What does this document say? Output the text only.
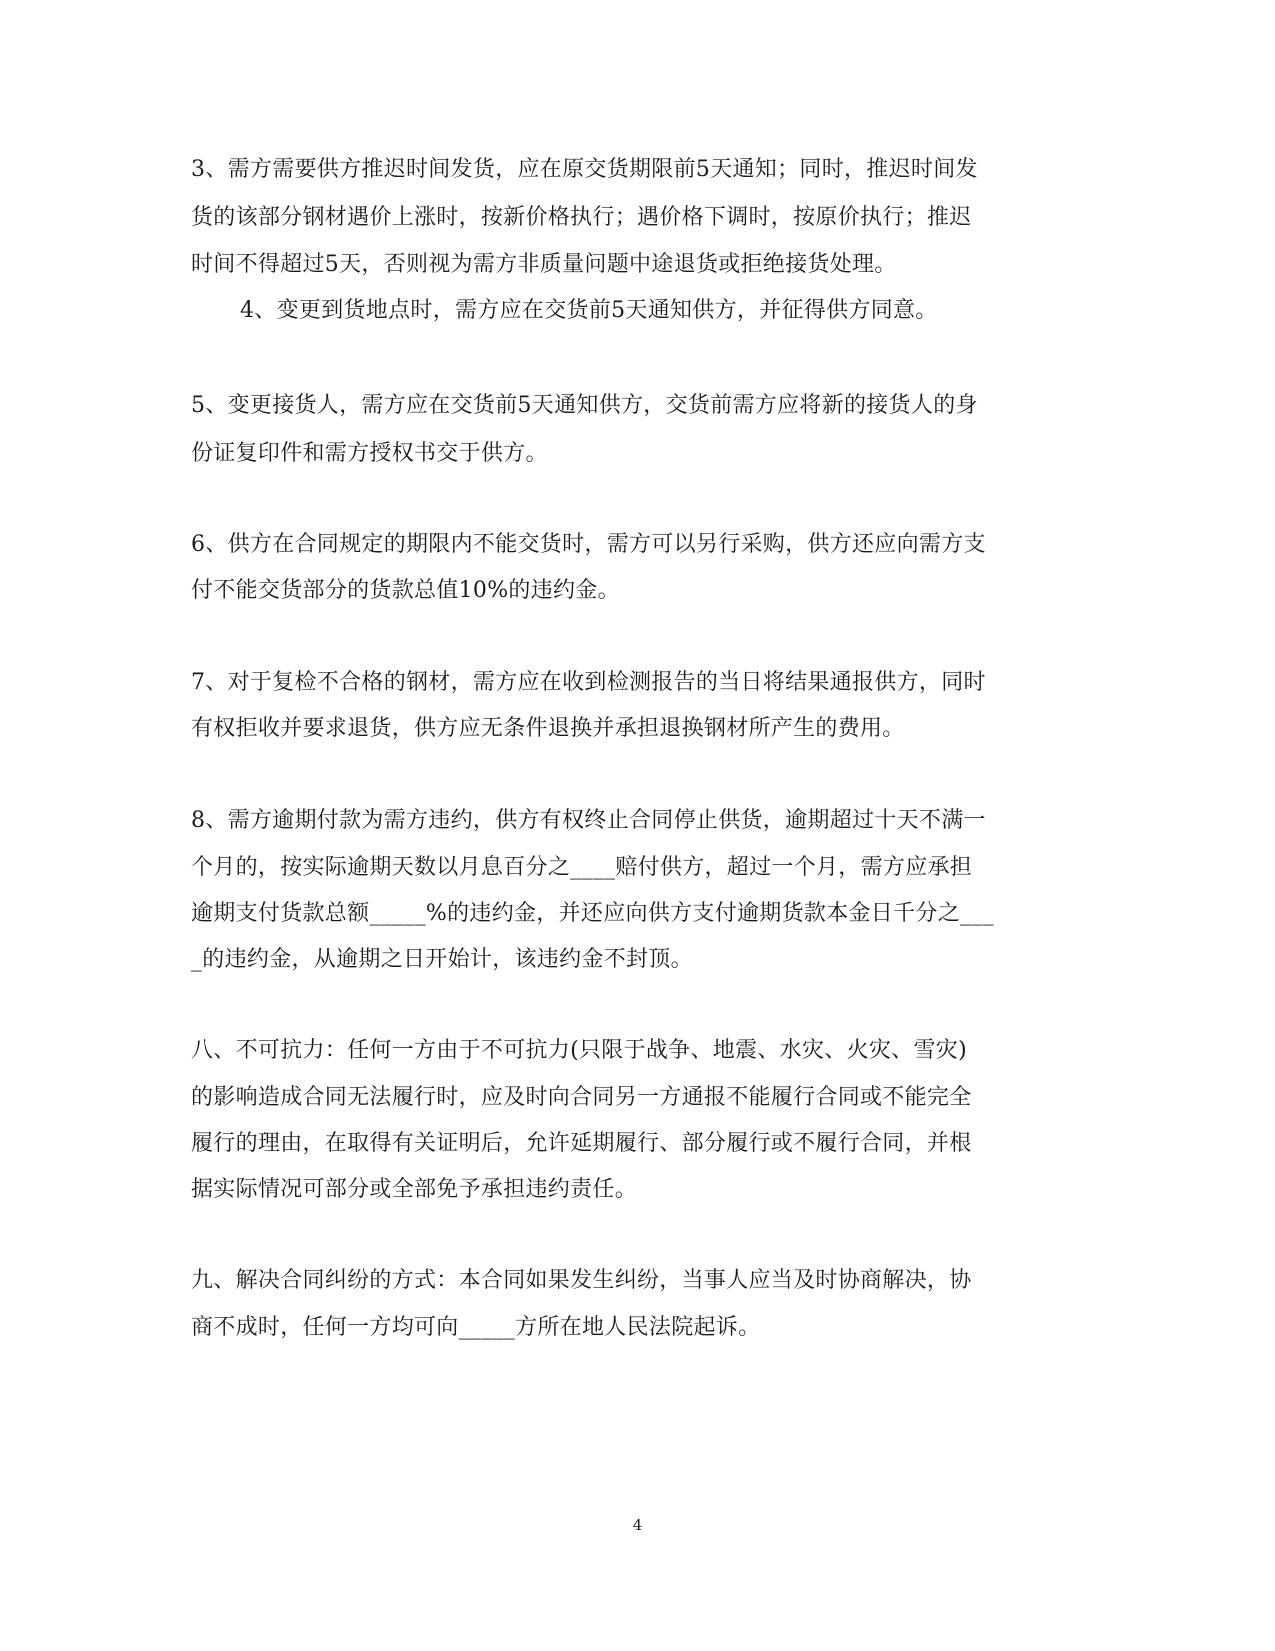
3、需方需要供方推迟时间发货，应在原交货期限前5天通知；同时，推迟时间发
货的该部分钢材遇价上涨时，按新价格执行；遇价格下调时，按原价执行；推迟
时间不得超过5天，否则视为需方非质量问题中途退货或拒绝接货处理。
4、变更到货地点时，需方应在交货前5天通知供方，并征得供方同意。
5、变更接货人，需方应在交货前5天通知供方，交货前需方应将新的接货人的身
份证复印件和需方授权书交于供方。
6、供方在合同规定的期限内不能交货时，需方可以另行采购，供方还应向需方支
付不能交货部分的货款总值10%的违约金。
7、对于复检不合格的钢材，需方应在收到检测报告的当日将结果通报供方，同时
有权拒收并要求退货，供方应无条件退换并承担退换钢材所产生的费用。
8、需方逾期付款为需方违约，供方有权终止合同停止供货，逾期超过十天不满一
个月的，按实际逾期天数以月息百分之____赔付供方，超过一个月，需方应承担
逾期支付货款总额_____%的违约金，并还应向供方支付逾期货款本金日千分之___
_的违约金，从逾期之日开始计，该违约金不封顶。
八、不可抗力：任何一方由于不可抗力(只限于战争、地震、水灾、火灾、雪灾)
的影响造成合同无法履行时，应及时向合同另一方通报不能履行合同或不能完全
履行的理由，在取得有关证明后，允许延期履行、部分履行或不履行合同，并根
据实际情况可部分或全部免予承担违约责任。
九、解决合同纠纷的方式：本合同如果发生纠纷，当事人应当及时协商解决，协
商不成时，任何一方均可向_____方所在地人民法院起诉。
4
